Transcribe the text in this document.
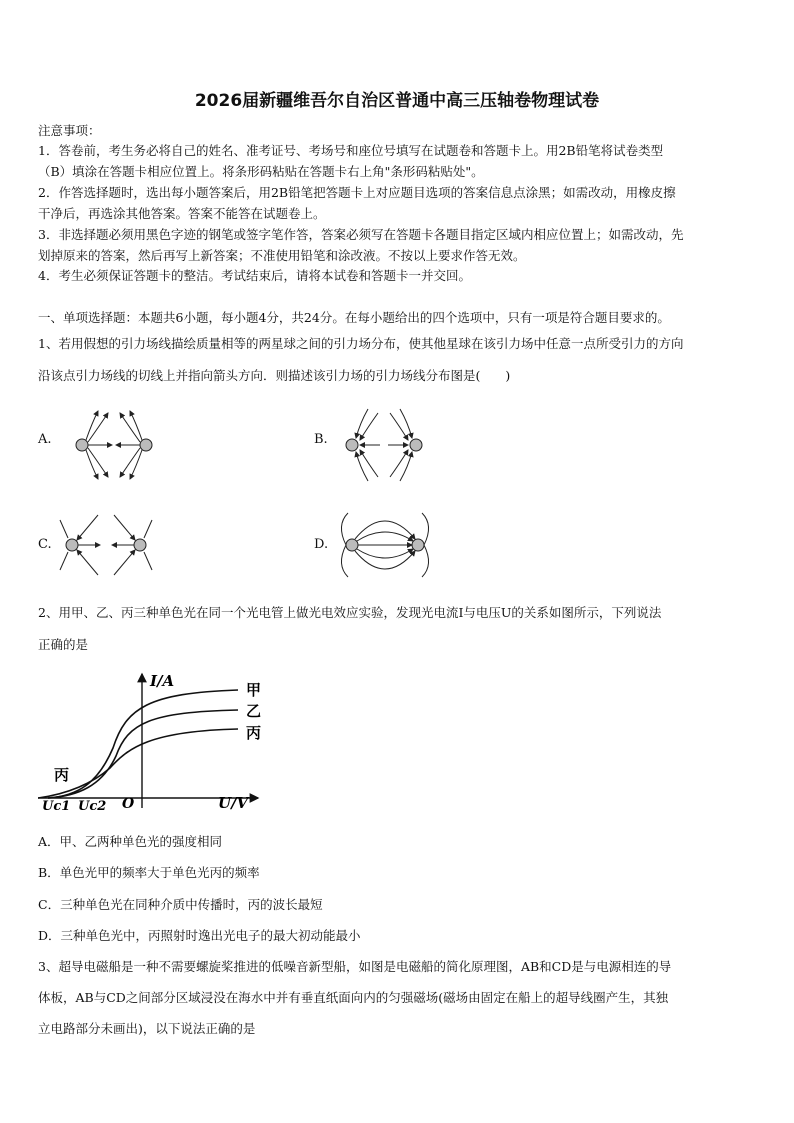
2026届新疆维吾尔自治区普通中高三压轴卷物理试卷
注意事项：
1．答卷前，考生务必将自己的姓名、准考证号、考场号和座位号填写在试题卷和答题卡上。用2B铅笔将试卷类型
（B）填涂在答题卡相应位置上。将条形码粘贴在答题卡右上角"条形码粘贴处"。
2．作答选择题时，选出每小题答案后，用2B铅笔把答题卡上对应题目选项的答案信息点涂黑；如需改动，用橡皮擦
干净后，再选涂其他答案。答案不能答在试题卷上。
3．非选择题必须用黑色字迹的钢笔或签字笔作答，答案必须写在答题卡各题目指定区域内相应位置上；如需改动，先
划掉原来的答案，然后再写上新答案；不准使用铅笔和涂改液。不按以上要求作答无效。
4．考生必须保证答题卡的整洁。考试结束后，请将本试卷和答题卡一并交回。
一、单项选择题：本题共6小题，每小题4分，共24分。在每小题给出的四个选项中，只有一项是符合题目要求的。
1、若用假想的引力场线描绘质量相等的两星球之间的引力场分布，使其他星球在该引力场中任意一点所受引力的方向
沿该点引力场线的切线上并指向箭头方向．则描述该引力场的引力场线分布图是(　　)
A.	B.
C.	D.
2、用甲、乙、丙三种单色光在同一个光电管上做光电效应实验，发现光电流I与电压U的关系如图所示，下列说法
正确的是
I/A
U/V
O
Uc1 Uc2
甲
乙
丙
丙
A．甲、乙两种单色光的强度相同
B．单色光甲的频率大于单色光丙的频率
C．三种单色光在同种介质中传播时，丙的波长最短
D．三种单色光中，丙照射时逸出光电子的最大初动能最小
3、超导电磁船是一种不需要螺旋桨推进的低噪音新型船，如图是电磁船的简化原理图，AB和CD是与电源相连的导
体板，AB与CD之间部分区域浸没在海水中并有垂直纸面向内的匀强磁场(磁场由固定在船上的超导线圈产生，其独
立电路部分未画出)，以下说法正确的是
